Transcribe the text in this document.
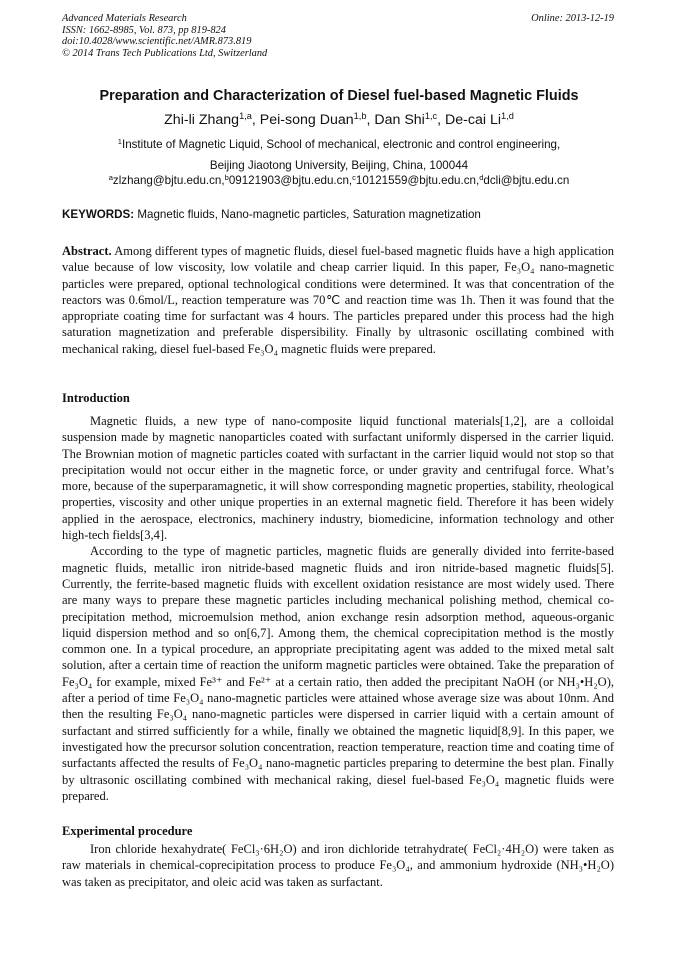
Advanced Materials Research
ISSN: 1662-8985, Vol. 873, pp 819-824
doi:10.4028/www.scientific.net/AMR.873.819
© 2014 Trans Tech Publications Ltd, Switzerland
Online: 2013-12-19
Preparation and Characterization of Diesel fuel-based Magnetic Fluids
Zhi-li Zhang$^{1,a}$, Pei-song Duan$^{1,b}$, Dan Shi$^{1,c}$, De-cai Li$^{1,d}$
$^1$Institute of Magnetic Liquid, School of mechanical, electronic and control engineering,
Beijing Jiaotong University, Beijing, China, 100044
$^a$zlzhang@bjtu.edu.cn,$^b$09121903@bjtu.edu.cn,$^c$10121559@bjtu.edu.cn,$^d$dcli@bjtu.edu.cn
KEYWORDS: Magnetic fluids, Nano-magnetic particles, Saturation magnetization

Abstract. Among different types of magnetic fluids, diesel fuel-based magnetic fluids have a high application value because of low viscosity, low volatile and cheap carrier liquid. In this paper, Fe₃O₄ nano-magnetic particles were prepared, optional technological conditions were determined. It was that concentration of the reactors was 0.6mol/L, reaction temperature was 70℃ and reaction time was 1h. Then it was found that the appropriate coating time for surfactant was 4 hours. The particles prepared under this process had the high saturation magnetization and preferable dispersibility. Finally by ultrasonic oscillating combined with mechanical raking, diesel fuel-based Fe₃O₄ magnetic fluids were prepared.

Introduction

Magnetic fluids, a new type of nano-composite liquid functional materials[1,2], are a colloidal suspension made by magnetic nanoparticles coated with surfactant uniformly dispersed in the carrier liquid. The Brownian motion of magnetic particles coated with surfactant in the carrier liquid would not stop so that precipitation would not occur either in the magnetic force, or under gravity and centrifugal force. What’s more, because of the superparamagnetic, it will show corresponding magnetic properties, stability, rheological properties, viscosity and other unique properties in an external magnetic field. Therefore it has been widely applied in the aerospace, electronics, machinery industry, biomedicine, information technology and other high-tech fields[3,4].

According to the type of magnetic particles, magnetic fluids are generally divided into ferrite-based magnetic fluids, metallic iron nitride-based magnetic fluids and iron nitride-based magnetic fluids[5]. Currently, the ferrite-based magnetic fluids with excellent oxidation resistance are most widely used. There are many ways to prepare these magnetic particles including mechanical polishing method, chemical co-precipitation method, microemulsion method, anion exchange resin adsorption method, aqueous-organic liquid dispersion method and so on[6,7]. Among them, the chemical coprecipitation method is the mostly common one. In a typical procedure, an appropriate precipitating agent was added to the mixed metal salt solution, after a certain time of reaction the uniform magnetic particles were obtained. Take the preparation of Fe₃O₄ for example, mixed Fe³⁺ and Fe²⁺ at a certain ratio, then added the precipitant NaOH (or NH₃•H₂O), after a period of time Fe₃O₄ nano-magnetic particles were attained whose average size was about 10nm. And then the resulting Fe₃O₄ nano-magnetic particles were dispersed in carrier liquid with a certain amount of surfactant and stirred sufficiently for a while, finally we obtained the magnetic liquid[8,9]. In this paper, we investigated how the precursor solution concentration, reaction temperature, reaction time and coating time of surfactants affected the results of Fe₃O₄ nano-magnetic particles preparing to determine the best plan. Finally by ultrasonic oscillating combined with mechanical raking, diesel fuel-based Fe₃O₄ magnetic fluids were prepared.

Experimental procedure

Iron chloride hexahydrate( FeCl₃·6H₂O) and iron dichloride tetrahydrate( FeCl₂·4H₂O) were taken as raw materials in chemical-coprecipitation process to produce Fe₃O₄, and ammonium hydroxide (NH₃•H₂O) was taken as precipitator, and oleic acid was taken as surfactant.
